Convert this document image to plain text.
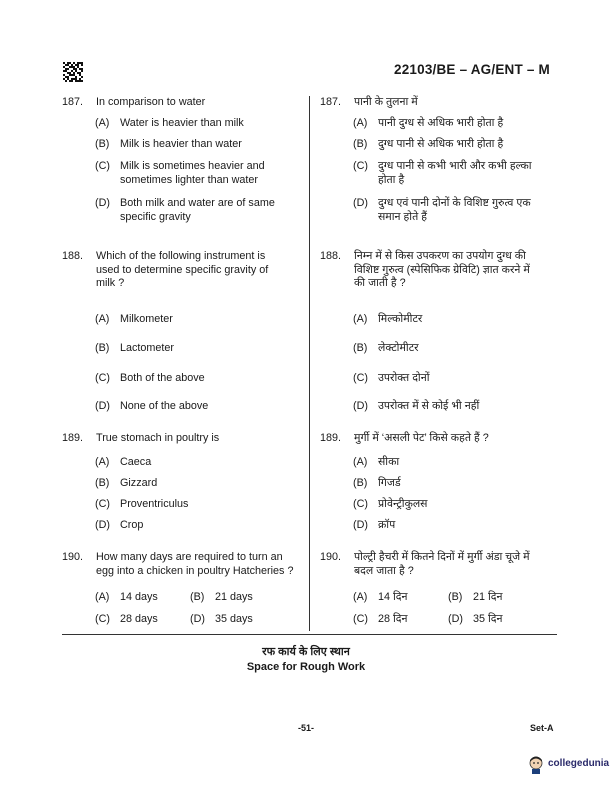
22103/BE – AG/ENT – M
187. In comparison to water
(A) Water is heavier than milk
(B) Milk is heavier than water
(C) Milk is sometimes heavier and
sometimes lighter than water
(D) Both milk and water are of same
specific gravity
188. Which of the following instrument is
used to determine specific gravity of
milk ?
(A) Milkometer
(B) Lactometer
(C) Both of the above
(D) None of the above
189. True stomach in poultry is
(A) Caeca
(B) Gizzard
(C) Proventriculus
(D) Crop
190. How many days are required to turn an
egg into a chicken in poultry Hatcheries ?
(A) 14 days	(B) 21 days
(C) 28 days	(D) 35 days
187. पानी के तुलना में
(A) पानी दुग्ध से अधिक भारी होता है
(B) दुग्ध पानी से अधिक भारी होता है
(C) दुग्ध पानी से कभी भारी और कभी हल्का
होता है
(D) दुग्ध एवं पानी दोनों के विशिष्ट गुरुत्व एक
समान होते हैं
188. निम्न में से किस उपकरण का उपयोग दुग्ध की
विशिष्ट गुरुत्व (स्पेसिफिक ग्रेविटि) ज्ञात करने में
की जाती है ?
(A) मिल्कोमीटर
(B) लेक्टोमीटर
(C) उपरोक्त दोनों
(D) उपरोक्त में से कोई भी नहीं
189. मुर्गी में ‘असली पेट’ किसे कहते हैं ?
(A) सीका
(B) गिजर्ड
(C) प्रोवेन्ट्रीकुलस
(D) क्रॉप
190. पोल्ट्री हैचरी में कितने दिनों में मुर्गी अंडा चूजे में
बदल जाता है ?
(A) 14 दिन	(B) 21 दिन
(C) 28 दिन	(D) 35 दिन
रफ कार्य के लिए स्थान
Space for Rough Work
-51-	Set-A
collegedunia
